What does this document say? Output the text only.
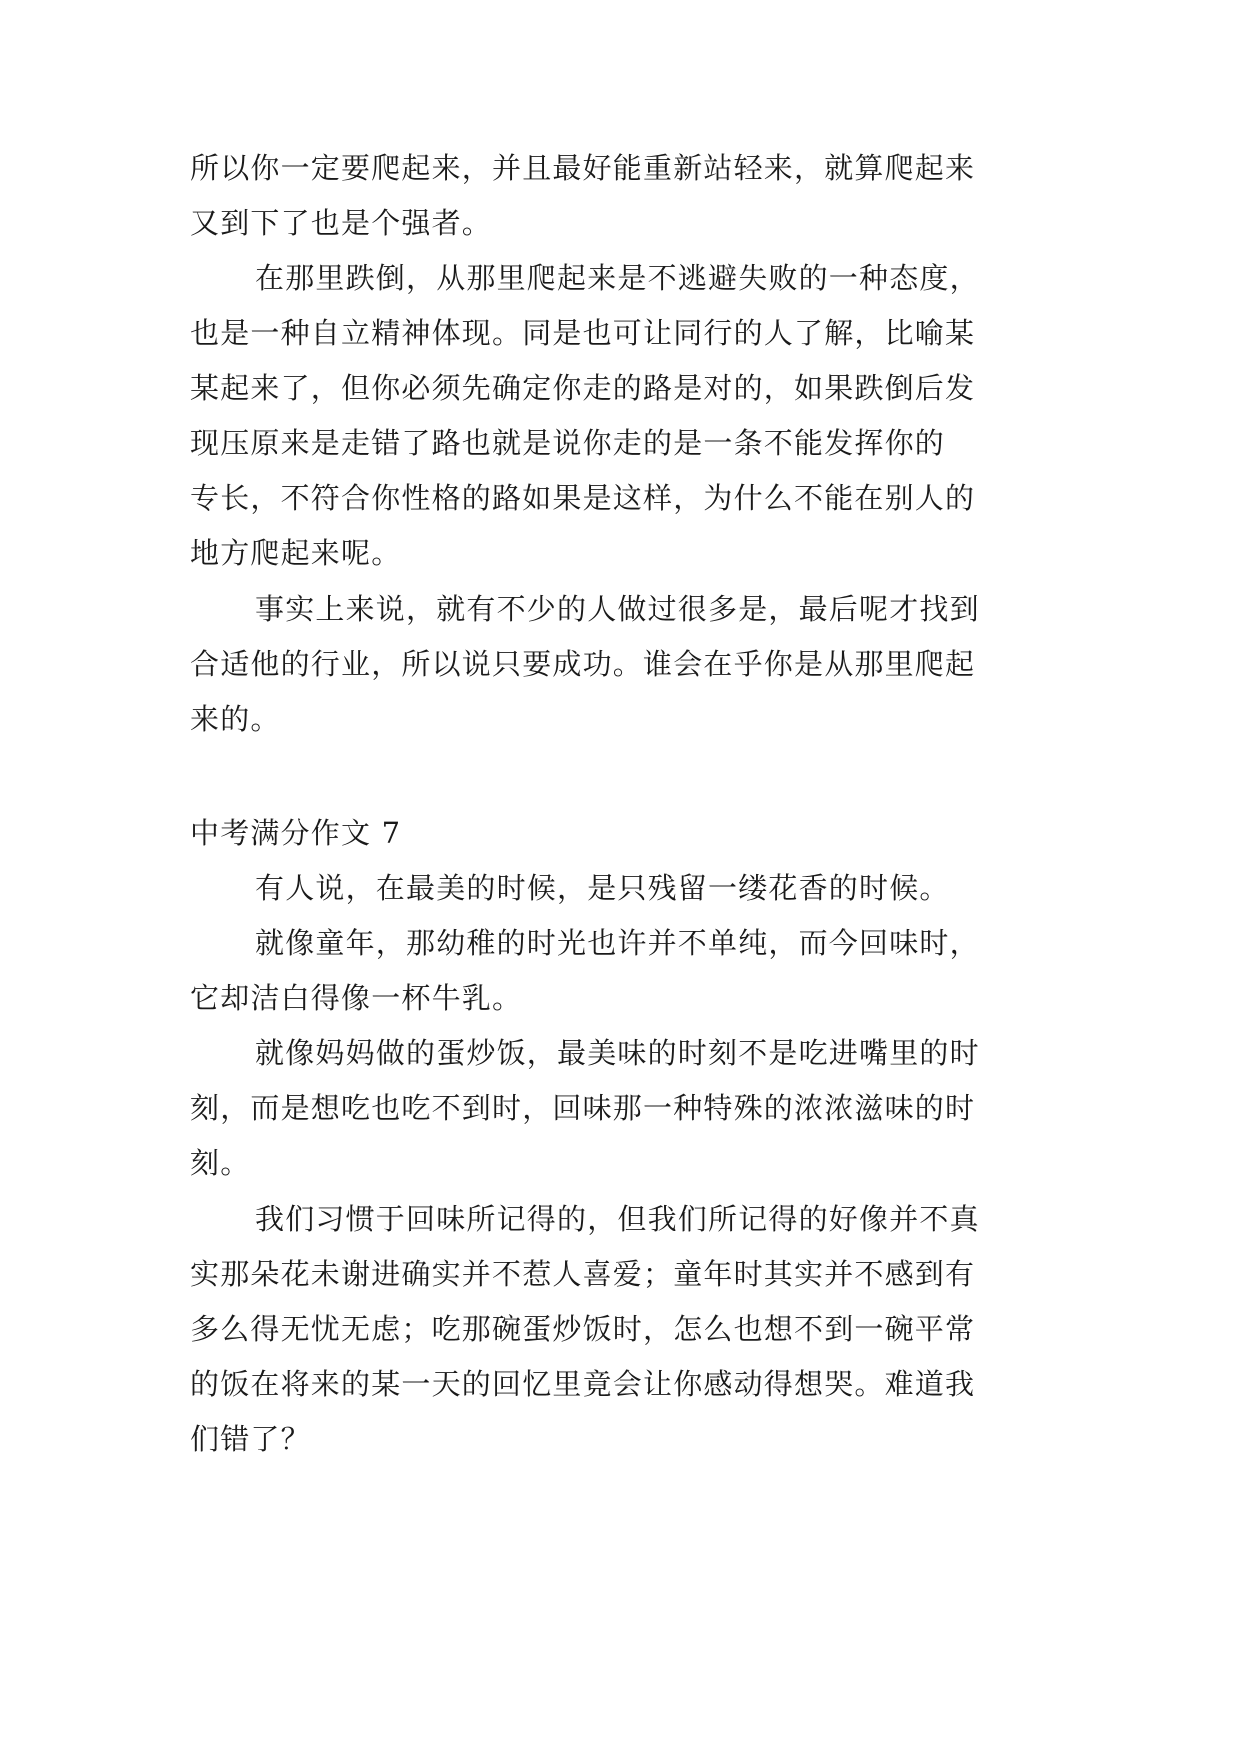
所以你一定要爬起来，并且最好能重新站轻来，就算爬起来
又到下了也是个强者。
在那里跌倒，从那里爬起来是不逃避失败的一种态度，
也是一种自立精神体现。同是也可让同行的人了解，比喻某
某起来了，但你必须先确定你走的路是对的，如果跌倒后发
现压原来是走错了路也就是说你走的是一条不能发挥你的
专长，不符合你性格的路如果是这样，为什么不能在别人的
地方爬起来呢。
事实上来说，就有不少的人做过很多是，最后呢才找到
合适他的行业，所以说只要成功。谁会在乎你是从那里爬起
来的。
中考满分作文 7
有人说，在最美的时候，是只残留一缕花香的时候。
就像童年，那幼稚的时光也许并不单纯，而今回味时，
它却洁白得像一杯牛乳。
就像妈妈做的蛋炒饭，最美味的时刻不是吃进嘴里的时
刻，而是想吃也吃不到时，回味那一种特殊的浓浓滋味的时
刻。
我们习惯于回味所记得的，但我们所记得的好像并不真
实那朵花未谢进确实并不惹人喜爱；童年时其实并不感到有
多么得无忧无虑；吃那碗蛋炒饭时，怎么也想不到一碗平常
的饭在将来的某一天的回忆里竟会让你感动得想哭。难道我
们错了？
